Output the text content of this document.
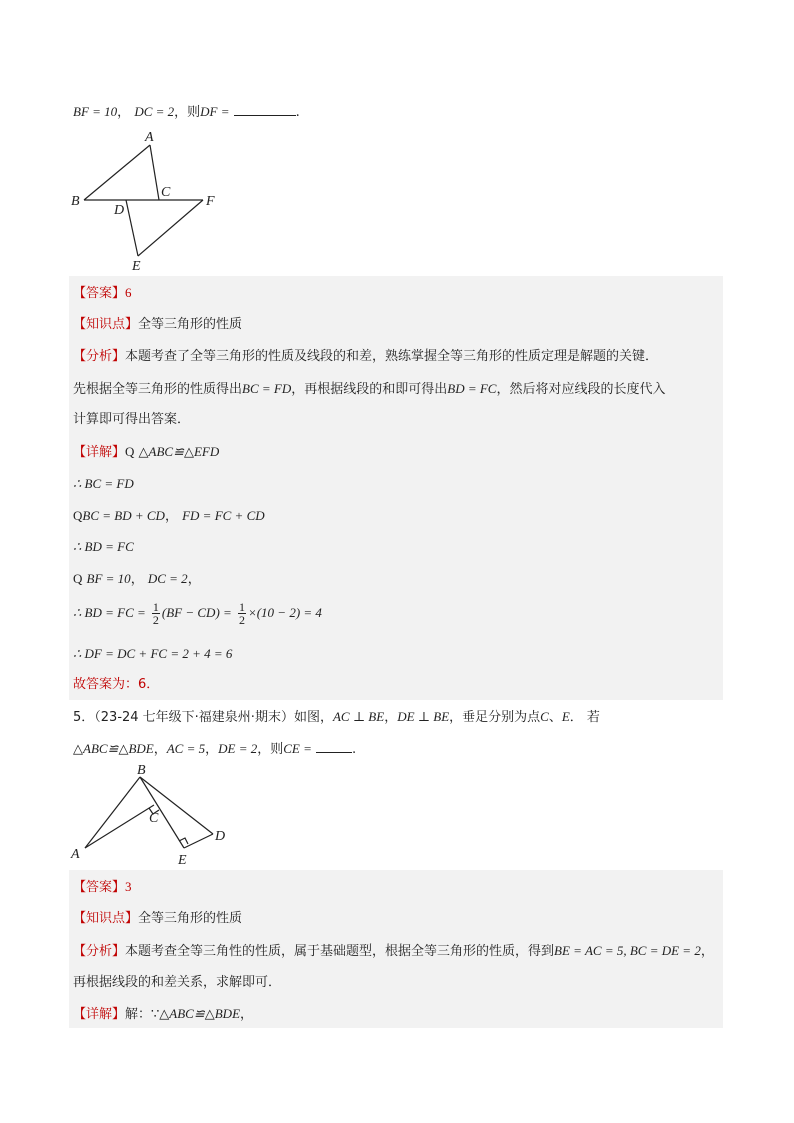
BF = 10， DC = 2，则DF =	.
A
B
C
D
F
E
【答案】6
【知识点】全等三角形的性质
【分析】本题考查了全等三角形的性质及线段的和差，熟练掌握全等三角形的性质定理是解题的关键．
先根据全等三角形的性质得出BC = FD，再根据线段的和即可得出BD = FC，然后将对应线段的长度代入
计算即可得出答案．
【详解】Q △ABC≌△EFD
∴ BC = FD
QBC = BD + CD， FD = FC + CD
∴ BD = FC
Q BF = 10， DC = 2，
∴ BD = FC = $\frac{1}{2} (BF - CD) = \frac{1}{2} \times(10 - 2) = 4$
∴ DF = DC + FC = 2 + 4 = 6
故答案为：6．
5．（23-24 七年级下·福建泉州·期末）如图，AC ⊥ BE，DE ⊥ BE，垂足分别为点C、E． 若
△ABC≌△BDE，AC = 5，DE = 2，则CE =	.
B
C
D
A	E
【答案】3
【知识点】全等三角形的性质
【分析】本题考查全等三角性的性质，属于基础题型，根据全等三角形的性质，得到BE = AC = 5, BC = DE = 2，
再根据线段的和差关系，求解即可．
【详解】解：∵△ABC≌△BDE，
